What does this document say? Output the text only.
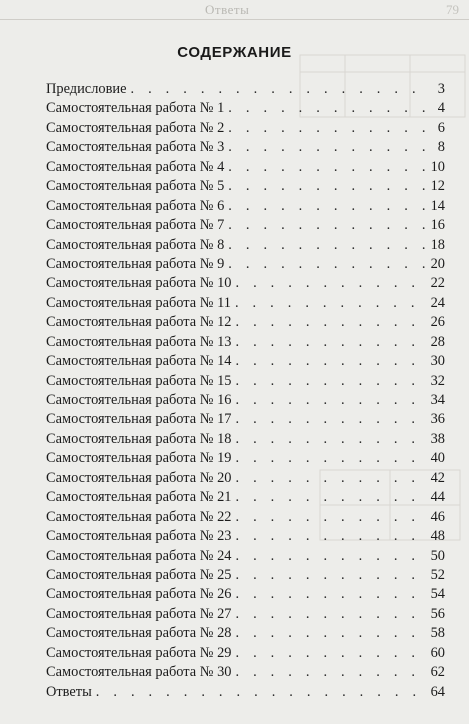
Ответы	79
СОДЕРЖАНИЕ
Предисловие . . .	3
Самостоятельная работа № 1 . . .	4
Самостоятельная работа № 2 . . .	6
Самостоятельная работа № 3 . . .	8
Самостоятельная работа № 4 . . .	10
Самостоятельная работа № 5 . . .	12
Самостоятельная работа № 6 . . .	14
Самостоятельная работа № 7 . . .	16
Самостоятельная работа № 8 . . .	18
Самостоятельная работа № 9 . . .	20
Самостоятельная работа № 10 . . .	22
Самостоятельная работа № 11 . . .	24
Самостоятельная работа № 12 . . .	26
Самостоятельная работа № 13 . . .	28
Самостоятельная работа № 14 . . .	30
Самостоятельная работа № 15 . . .	32
Самостоятельная работа № 16 . . .	34
Самостоятельная работа № 17 . . .	36
Самостоятельная работа № 18 . . .	38
Самостоятельная работа № 19 . . .	40
Самостоятельная работа № 20 . . .	42
Самостоятельная работа № 21 . . .	44
Самостоятельная работа № 22 . . .	46
Самостоятельная работа № 23 . . .	48
Самостоятельная работа № 24 . . .	50
Самостоятельная работа № 25 . . .	52
Самостоятельная работа № 26 . . .	54
Самостоятельная работа № 27 . . .	56
Самостоятельная работа № 28 . . .	58
Самостоятельная работа № 29 . . .	60
Самостоятельная работа № 30 . . .	62
Ответы . . .	64
